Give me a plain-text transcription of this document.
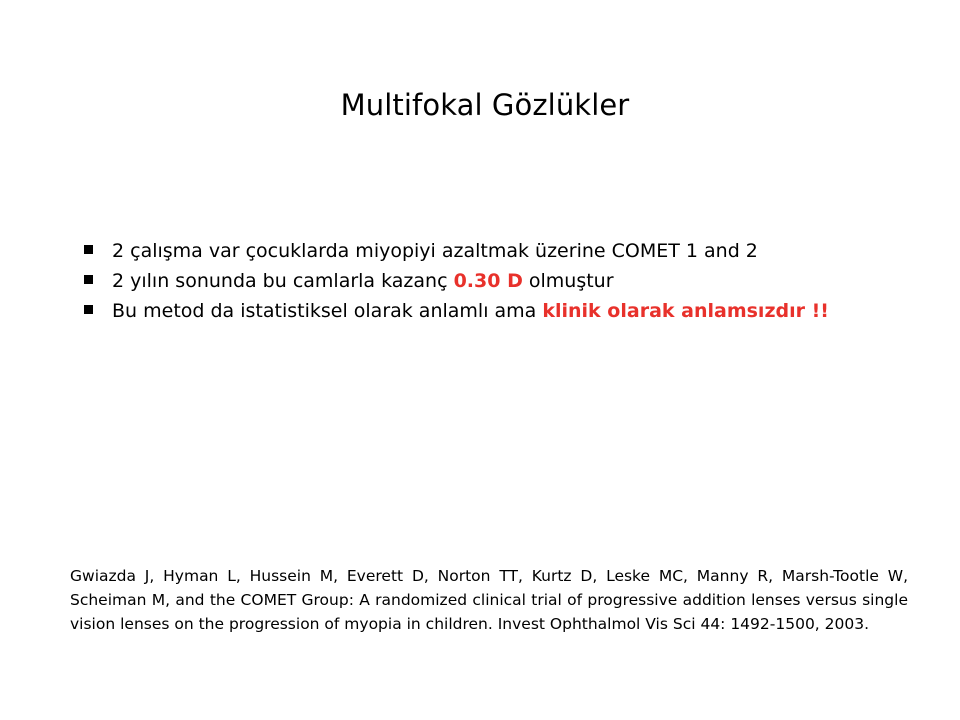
Multifokal Gözlükler
2 çalışma var çocuklarda miyopiyi azaltmak üzerine COMET 1 and 2
2 yılın sonunda bu camlarla kazanç 0.30 D olmuştur
Bu metod da istatistiksel olarak anlamlı ama klinik olarak anlamsızdır !!
Gwiazda J, Hyman L, Hussein M, Everett D, Norton TT, Kurtz D, Leske MC, Manny R, Marsh-Tootle W, Scheiman M, and the COMET Group: A randomized clinical trial of progressive addition lenses versus single vision lenses on the progression of myopia in children. Invest Ophthalmol Vis Sci 44: 1492-1500, 2003.
